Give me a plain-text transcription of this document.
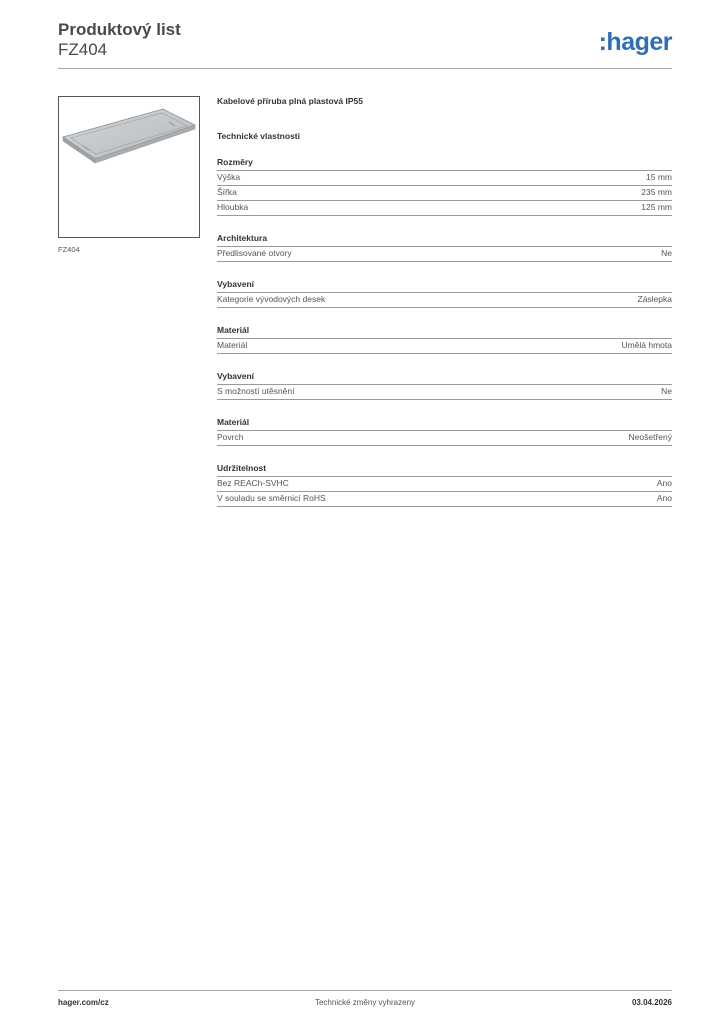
Produktový list
FZ404	:hager
FZ404
Kabelové příruba plná plastová IP55
Technické vlastnosti
Rozměry
Výška	15 mm
Šířka	235 mm
Hloubka	125 mm
Architektura
Předlisované otvory	Ne
Vybavení
Kategorie vývodových desek	Záslepka
Materiál
Materiál	Umělá hmota
Vybavení
S možností utěsnění	Ne
Materiál
Povrch	Neošetřený
Udržitelnost
Bez REACh-SVHC	Ano
V souladu se směrnicí RoHS	Ano
hager.com/cz	Technické změny vyhrazeny	03.04.2026
